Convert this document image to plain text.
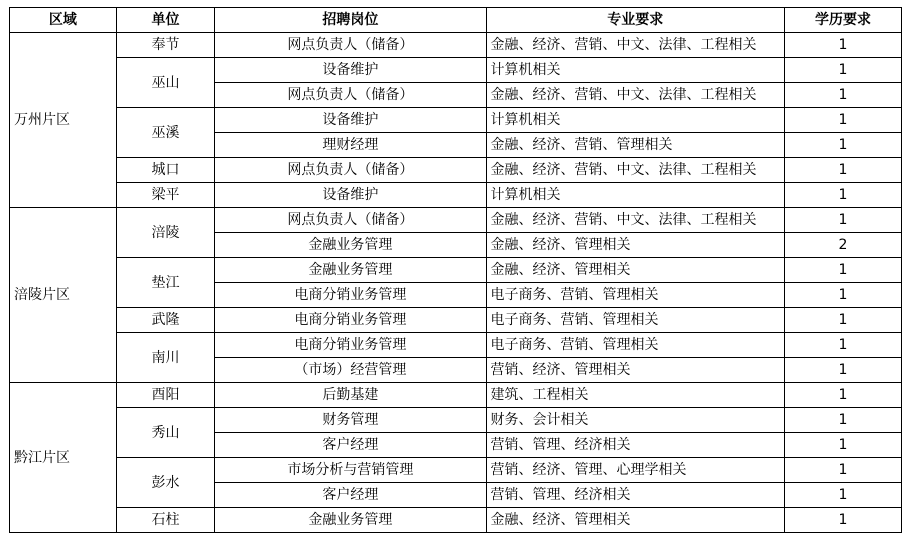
区域	单位	招聘岗位	专业要求	学历要求
万州片区	奉节	网点负责人（储备）	金融、经济、营销、中文、法律、工程相关	1
	巫山	设备维护	计算机相关	1
		网点负责人（储备）	金融、经济、营销、中文、法律、工程相关	1
	巫溪	设备维护	计算机相关	1
		理财经理	金融、经济、营销、管理相关	1
	城口	网点负责人（储备）	金融、经济、营销、中文、法律、工程相关	1
	梁平	设备维护	计算机相关	1
涪陵片区	涪陵	网点负责人（储备）	金融、经济、营销、中文、法律、工程相关	1
		金融业务管理	金融、经济、管理相关	2
	垫江	金融业务管理	金融、经济、管理相关	1
		电商分销业务管理	电子商务、营销、管理相关	1
	武隆	电商分销业务管理	电子商务、营销、管理相关	1
	南川	电商分销业务管理	电子商务、营销、管理相关	1
		（市场）经营管理	营销、经济、管理相关	1
黔江片区	酉阳	后勤基建	建筑、工程相关	1
	秀山	财务管理	财务、会计相关	1
		客户经理	营销、管理、经济相关	1
	彭水	市场分析与营销管理	营销、经济、管理、心理学相关	1
		客户经理	营销、管理、经济相关	1
	石柱	金融业务管理	金融、经济、管理相关	1
